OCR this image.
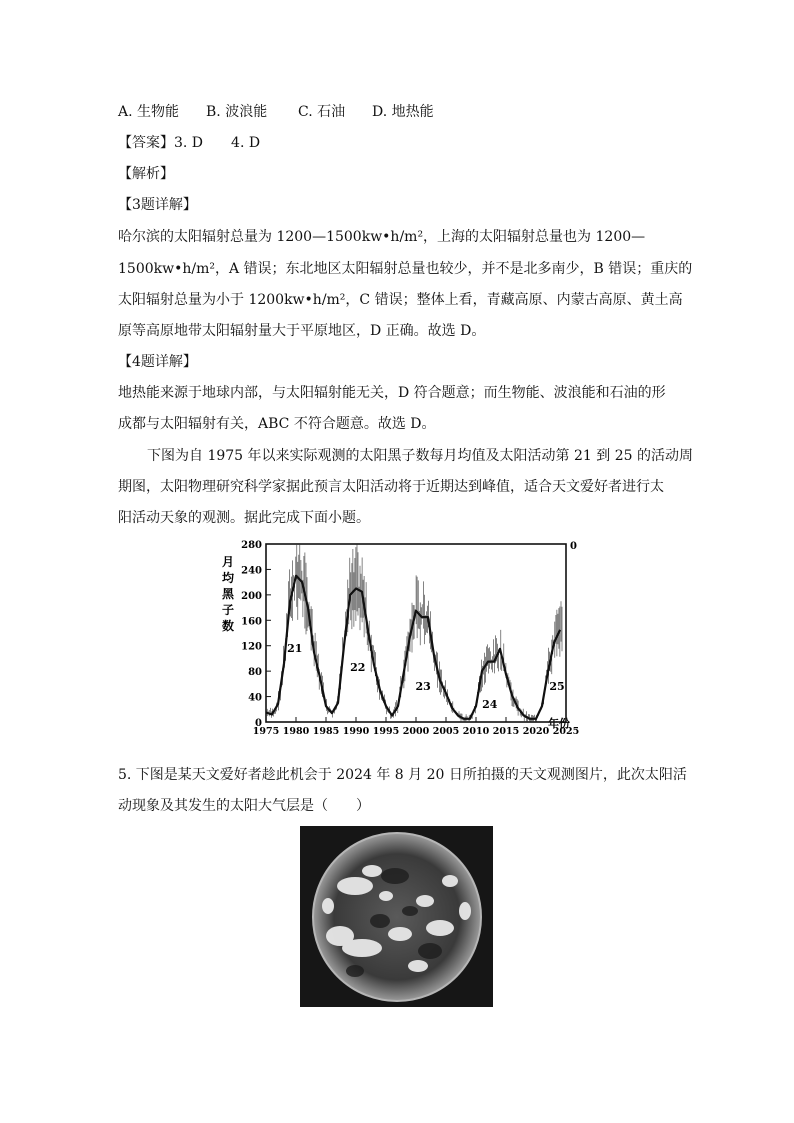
A. 生物能 B. 波浪能 C. 石油 D. 地热能
【答案】3. D　　4. D
【解析】
【3题详解】
哈尔滨的太阳辐射总量为 1200—1500kw•h/m²，上海的太阳辐射总量也为 1200—
1500kw•h/m²，A 错误；东北地区太阳辐射总量也较少，并不是北多南少，B 错误；重庆的
太阳辐射总量为小于 1200kw•h/m²，C 错误；整体上看，青藏高原、内蒙古高原、黄土高
原等高原地带太阳辐射量大于平原地区，D 正确。故选 D。
【4题详解】
地热能来源于地球内部，与太阳辐射能无关，D 符合题意；而生物能、波浪能和石油的形
成都与太阳辐射有关，ABC 不符合题意。故选 D。
下图为自 1975 年以来实际观测的太阳黑子数每月均值及太阳活动第 21 到 25 的活动周
期图，太阳物理研究科学家据此预言太阳活动将于近期达到峰值，适合天文爱好者进行太
阳活动天象的观测。据此完成下面小题。
月
均
黑
子
数
年份
0
0
40
80
120
160
200
240
280
1975 1980 1985 1990 1995 2000 2005 2010 2015 2020 2025
21
22
23
24
25
5. 下图是某天文爱好者趁此机会于 2024 年 8 月 20 日所拍摄的天文观测图片，此次太阳活
动现象及其发生的太阳大气层是（　　）
